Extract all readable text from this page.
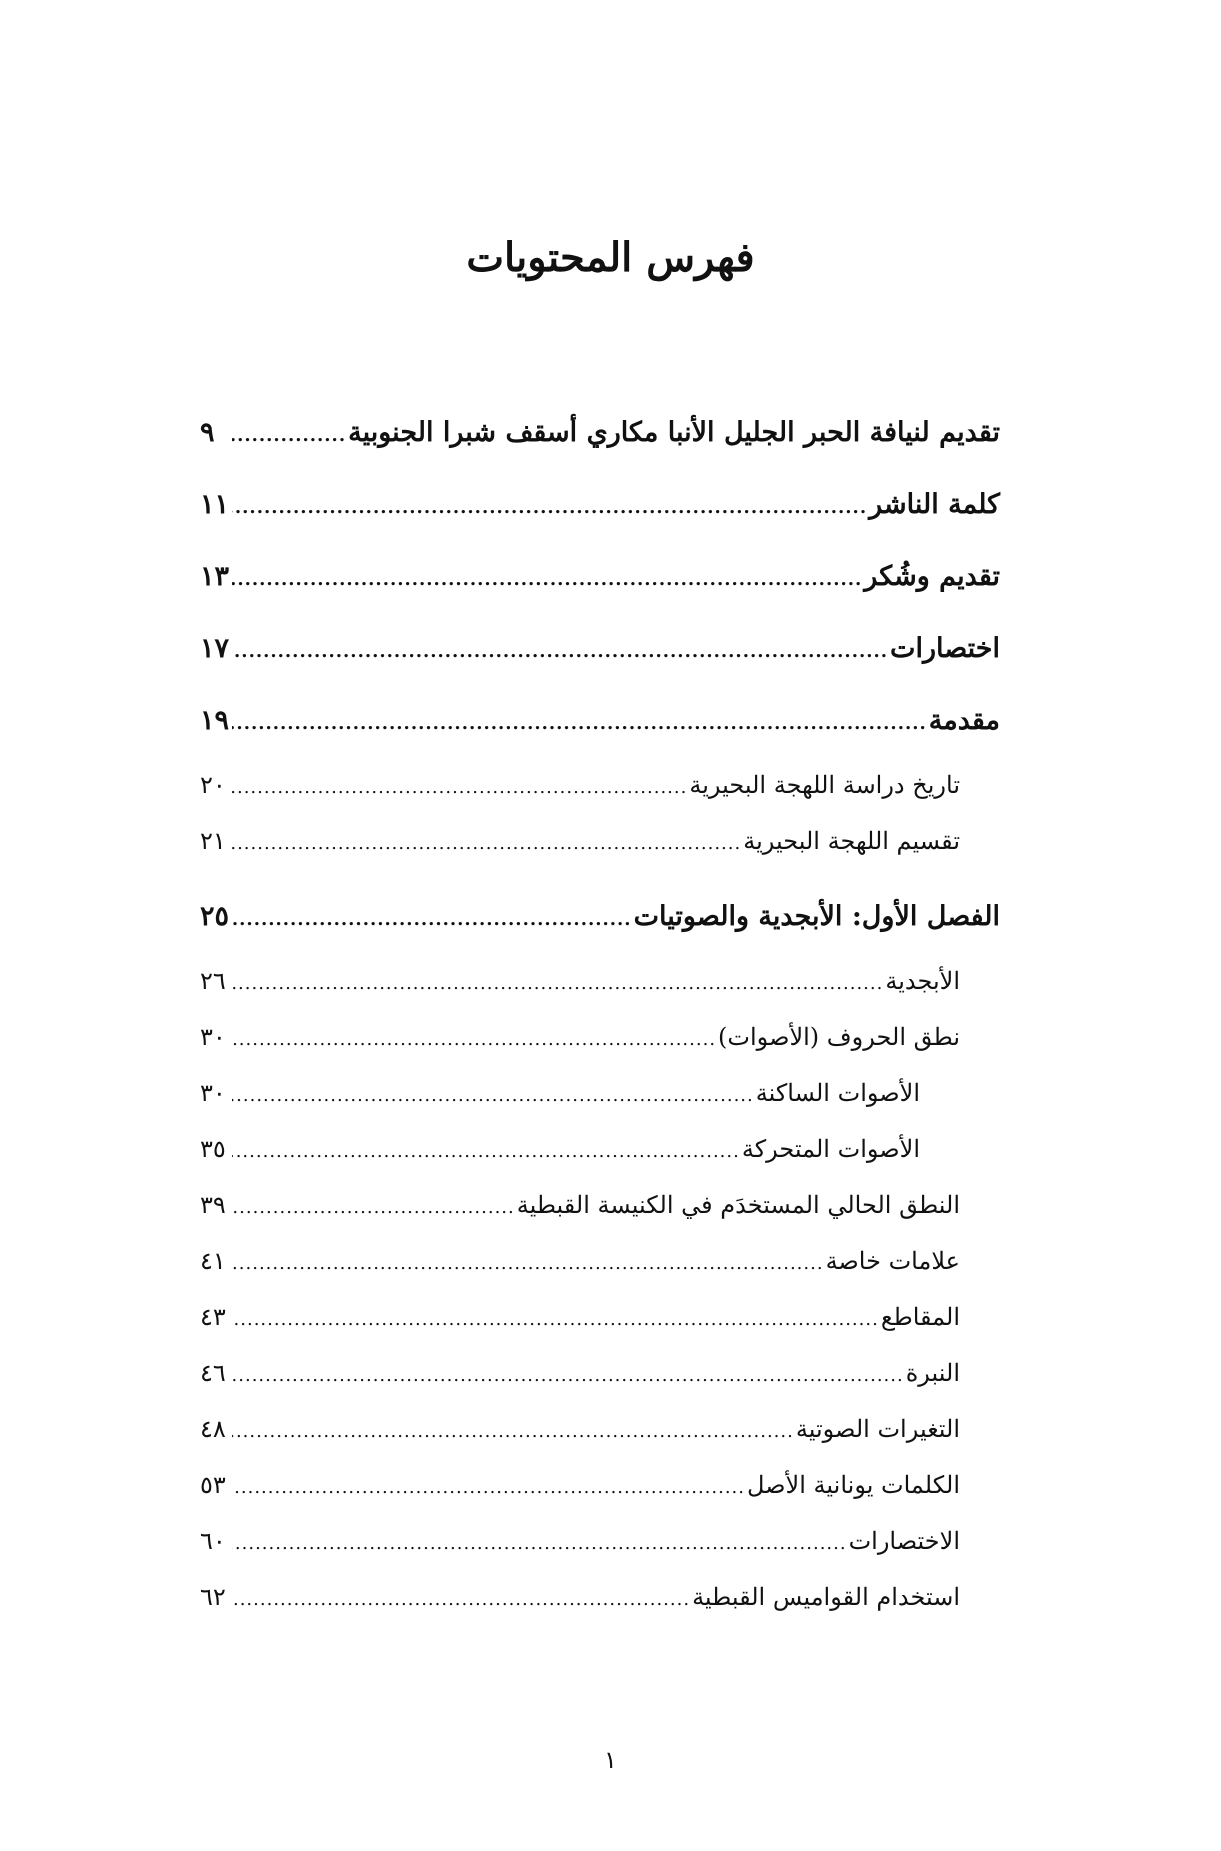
فهرس المحتويات
تقديم لنيافة الحبر الجليل الأنبا مكاري أسقف شبرا الجنوبية
.....
٩
كلمة الناشر
.....
١١
تقديم وشُكر
.....
١٣
اختصارات
.....
١٧
مقدمة
.....
١٩
تاريخ دراسة اللهجة البحيرية
.....
٢٠
تقسيم اللهجة البحيرية
.....
٢١
الفصل الأول: الأبجدية والصوتيات
.....
٢٥
الأبجدية
.....
٢٦
نطق الحروف (الأصوات)
.....
٣٠
الأصوات الساكنة
.....
٣٠
الأصوات المتحركة
.....
٣٥
النطق الحالي المستخدَم في الكنيسة القبطية
.....
٣٩
علامات خاصة
.....
٤١
المقاطع
.....
٤٣
النبرة
.....
٤٦
التغيرات الصوتية
.....
٤٨
الكلمات يونانية الأصل
.....
٥٣
الاختصارات
.....
٦٠
استخدام القواميس القبطية
.....
٦٢
١
